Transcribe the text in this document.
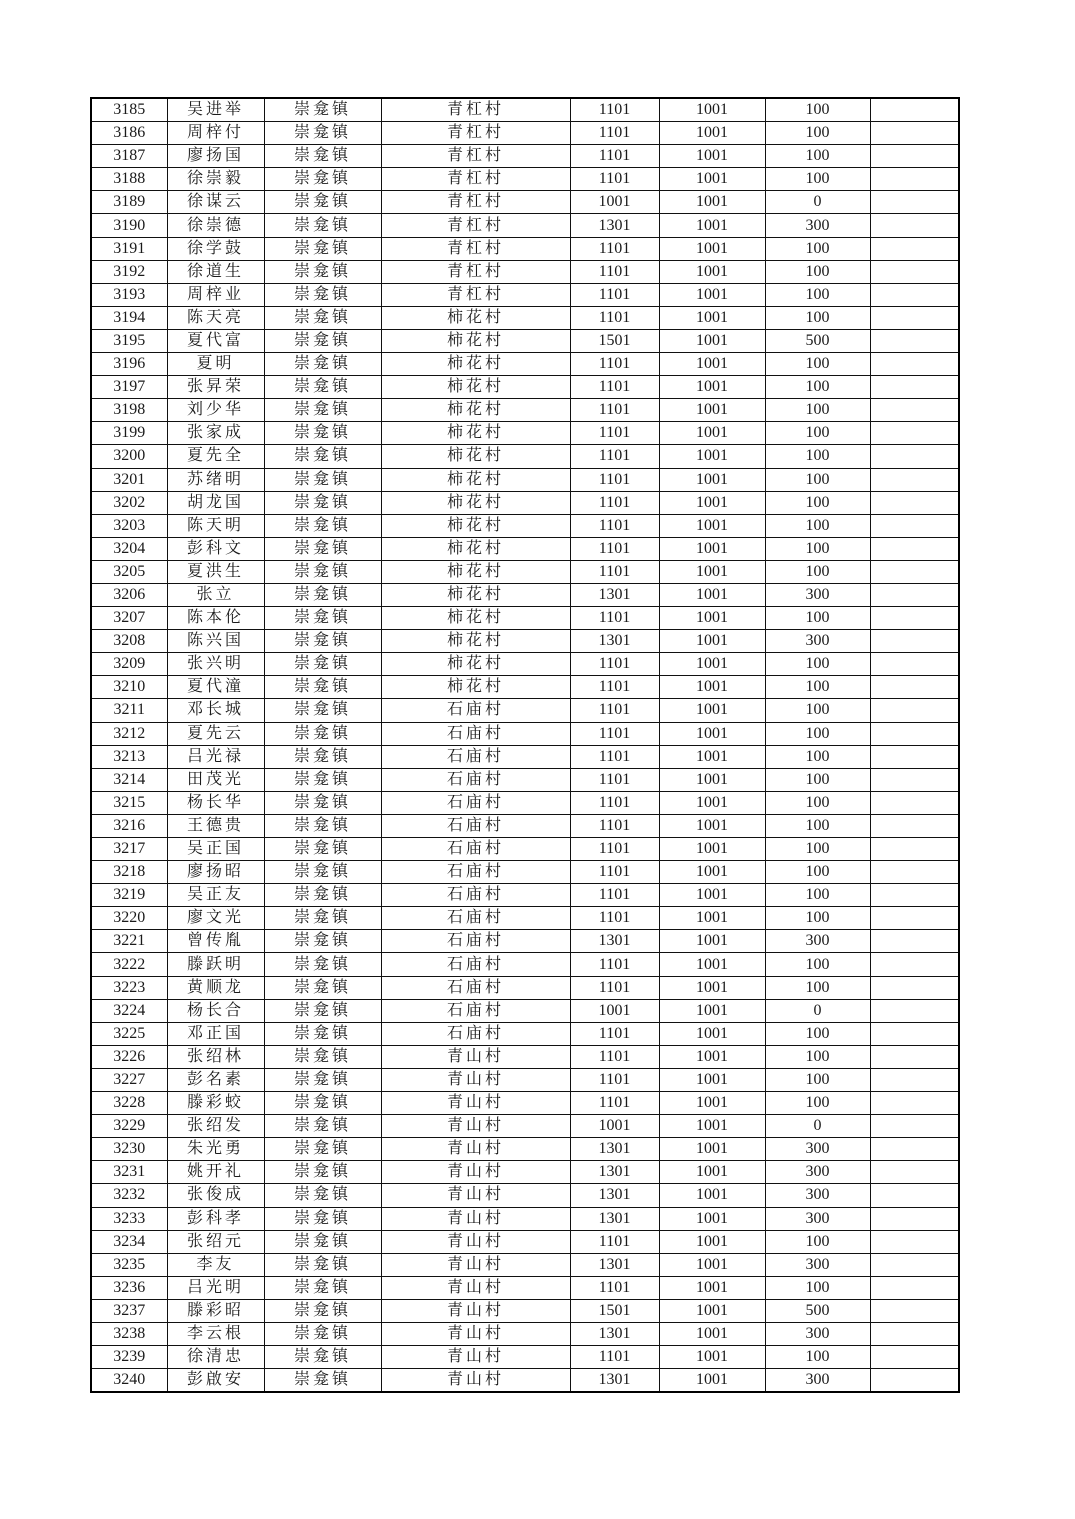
3185	吴进举	崇龛镇	青杠村	1101	1001	100	
3186	周梓付	崇龛镇	青杠村	1101	1001	100	
3187	廖扬国	崇龛镇	青杠村	1101	1001	100	
3188	徐崇毅	崇龛镇	青杠村	1101	1001	100	
3189	徐谋云	崇龛镇	青杠村	1001	1001	0	
3190	徐崇德	崇龛镇	青杠村	1301	1001	300	
3191	徐学鼓	崇龛镇	青杠村	1101	1001	100	
3192	徐道生	崇龛镇	青杠村	1101	1001	100	
3193	周梓业	崇龛镇	青杠村	1101	1001	100	
3194	陈天亮	崇龛镇	柿花村	1101	1001	100	
3195	夏代富	崇龛镇	柿花村	1501	1001	500	
3196	夏明	崇龛镇	柿花村	1101	1001	100	
3197	张昇荣	崇龛镇	柿花村	1101	1001	100	
3198	刘少华	崇龛镇	柿花村	1101	1001	100	
3199	张家成	崇龛镇	柿花村	1101	1001	100	
3200	夏先全	崇龛镇	柿花村	1101	1001	100	
3201	苏绪明	崇龛镇	柿花村	1101	1001	100	
3202	胡龙国	崇龛镇	柿花村	1101	1001	100	
3203	陈天明	崇龛镇	柿花村	1101	1001	100	
3204	彭科文	崇龛镇	柿花村	1101	1001	100	
3205	夏洪生	崇龛镇	柿花村	1101	1001	100	
3206	张立	崇龛镇	柿花村	1301	1001	300	
3207	陈本伦	崇龛镇	柿花村	1101	1001	100	
3208	陈兴国	崇龛镇	柿花村	1301	1001	300	
3209	张兴明	崇龛镇	柿花村	1101	1001	100	
3210	夏代潼	崇龛镇	柿花村	1101	1001	100	
3211	邓长城	崇龛镇	石庙村	1101	1001	100	
3212	夏先云	崇龛镇	石庙村	1101	1001	100	
3213	吕光禄	崇龛镇	石庙村	1101	1001	100	
3214	田茂光	崇龛镇	石庙村	1101	1001	100	
3215	杨长华	崇龛镇	石庙村	1101	1001	100	
3216	王德贵	崇龛镇	石庙村	1101	1001	100	
3217	吴正国	崇龛镇	石庙村	1101	1001	100	
3218	廖扬昭	崇龛镇	石庙村	1101	1001	100	
3219	吴正友	崇龛镇	石庙村	1101	1001	100	
3220	廖文光	崇龛镇	石庙村	1101	1001	100	
3221	曾传胤	崇龛镇	石庙村	1301	1001	300	
3222	滕跃明	崇龛镇	石庙村	1101	1001	100	
3223	黄顺龙	崇龛镇	石庙村	1101	1001	100	
3224	杨长合	崇龛镇	石庙村	1001	1001	0	
3225	邓正国	崇龛镇	石庙村	1101	1001	100	
3226	张绍林	崇龛镇	青山村	1101	1001	100	
3227	彭名素	崇龛镇	青山村	1101	1001	100	
3228	滕彩蛟	崇龛镇	青山村	1101	1001	100	
3229	张绍发	崇龛镇	青山村	1001	1001	0	
3230	朱光勇	崇龛镇	青山村	1301	1001	300	
3231	姚开礼	崇龛镇	青山村	1301	1001	300	
3232	张俊成	崇龛镇	青山村	1301	1001	300	
3233	彭科孝	崇龛镇	青山村	1301	1001	300	
3234	张绍元	崇龛镇	青山村	1101	1001	100	
3235	李友	崇龛镇	青山村	1301	1001	300	
3236	吕光明	崇龛镇	青山村	1101	1001	100	
3237	滕彩昭	崇龛镇	青山村	1501	1001	500	
3238	李云根	崇龛镇	青山村	1301	1001	300	
3239	徐清忠	崇龛镇	青山村	1101	1001	100	
3240	彭啟安	崇龛镇	青山村	1301	1001	300	
